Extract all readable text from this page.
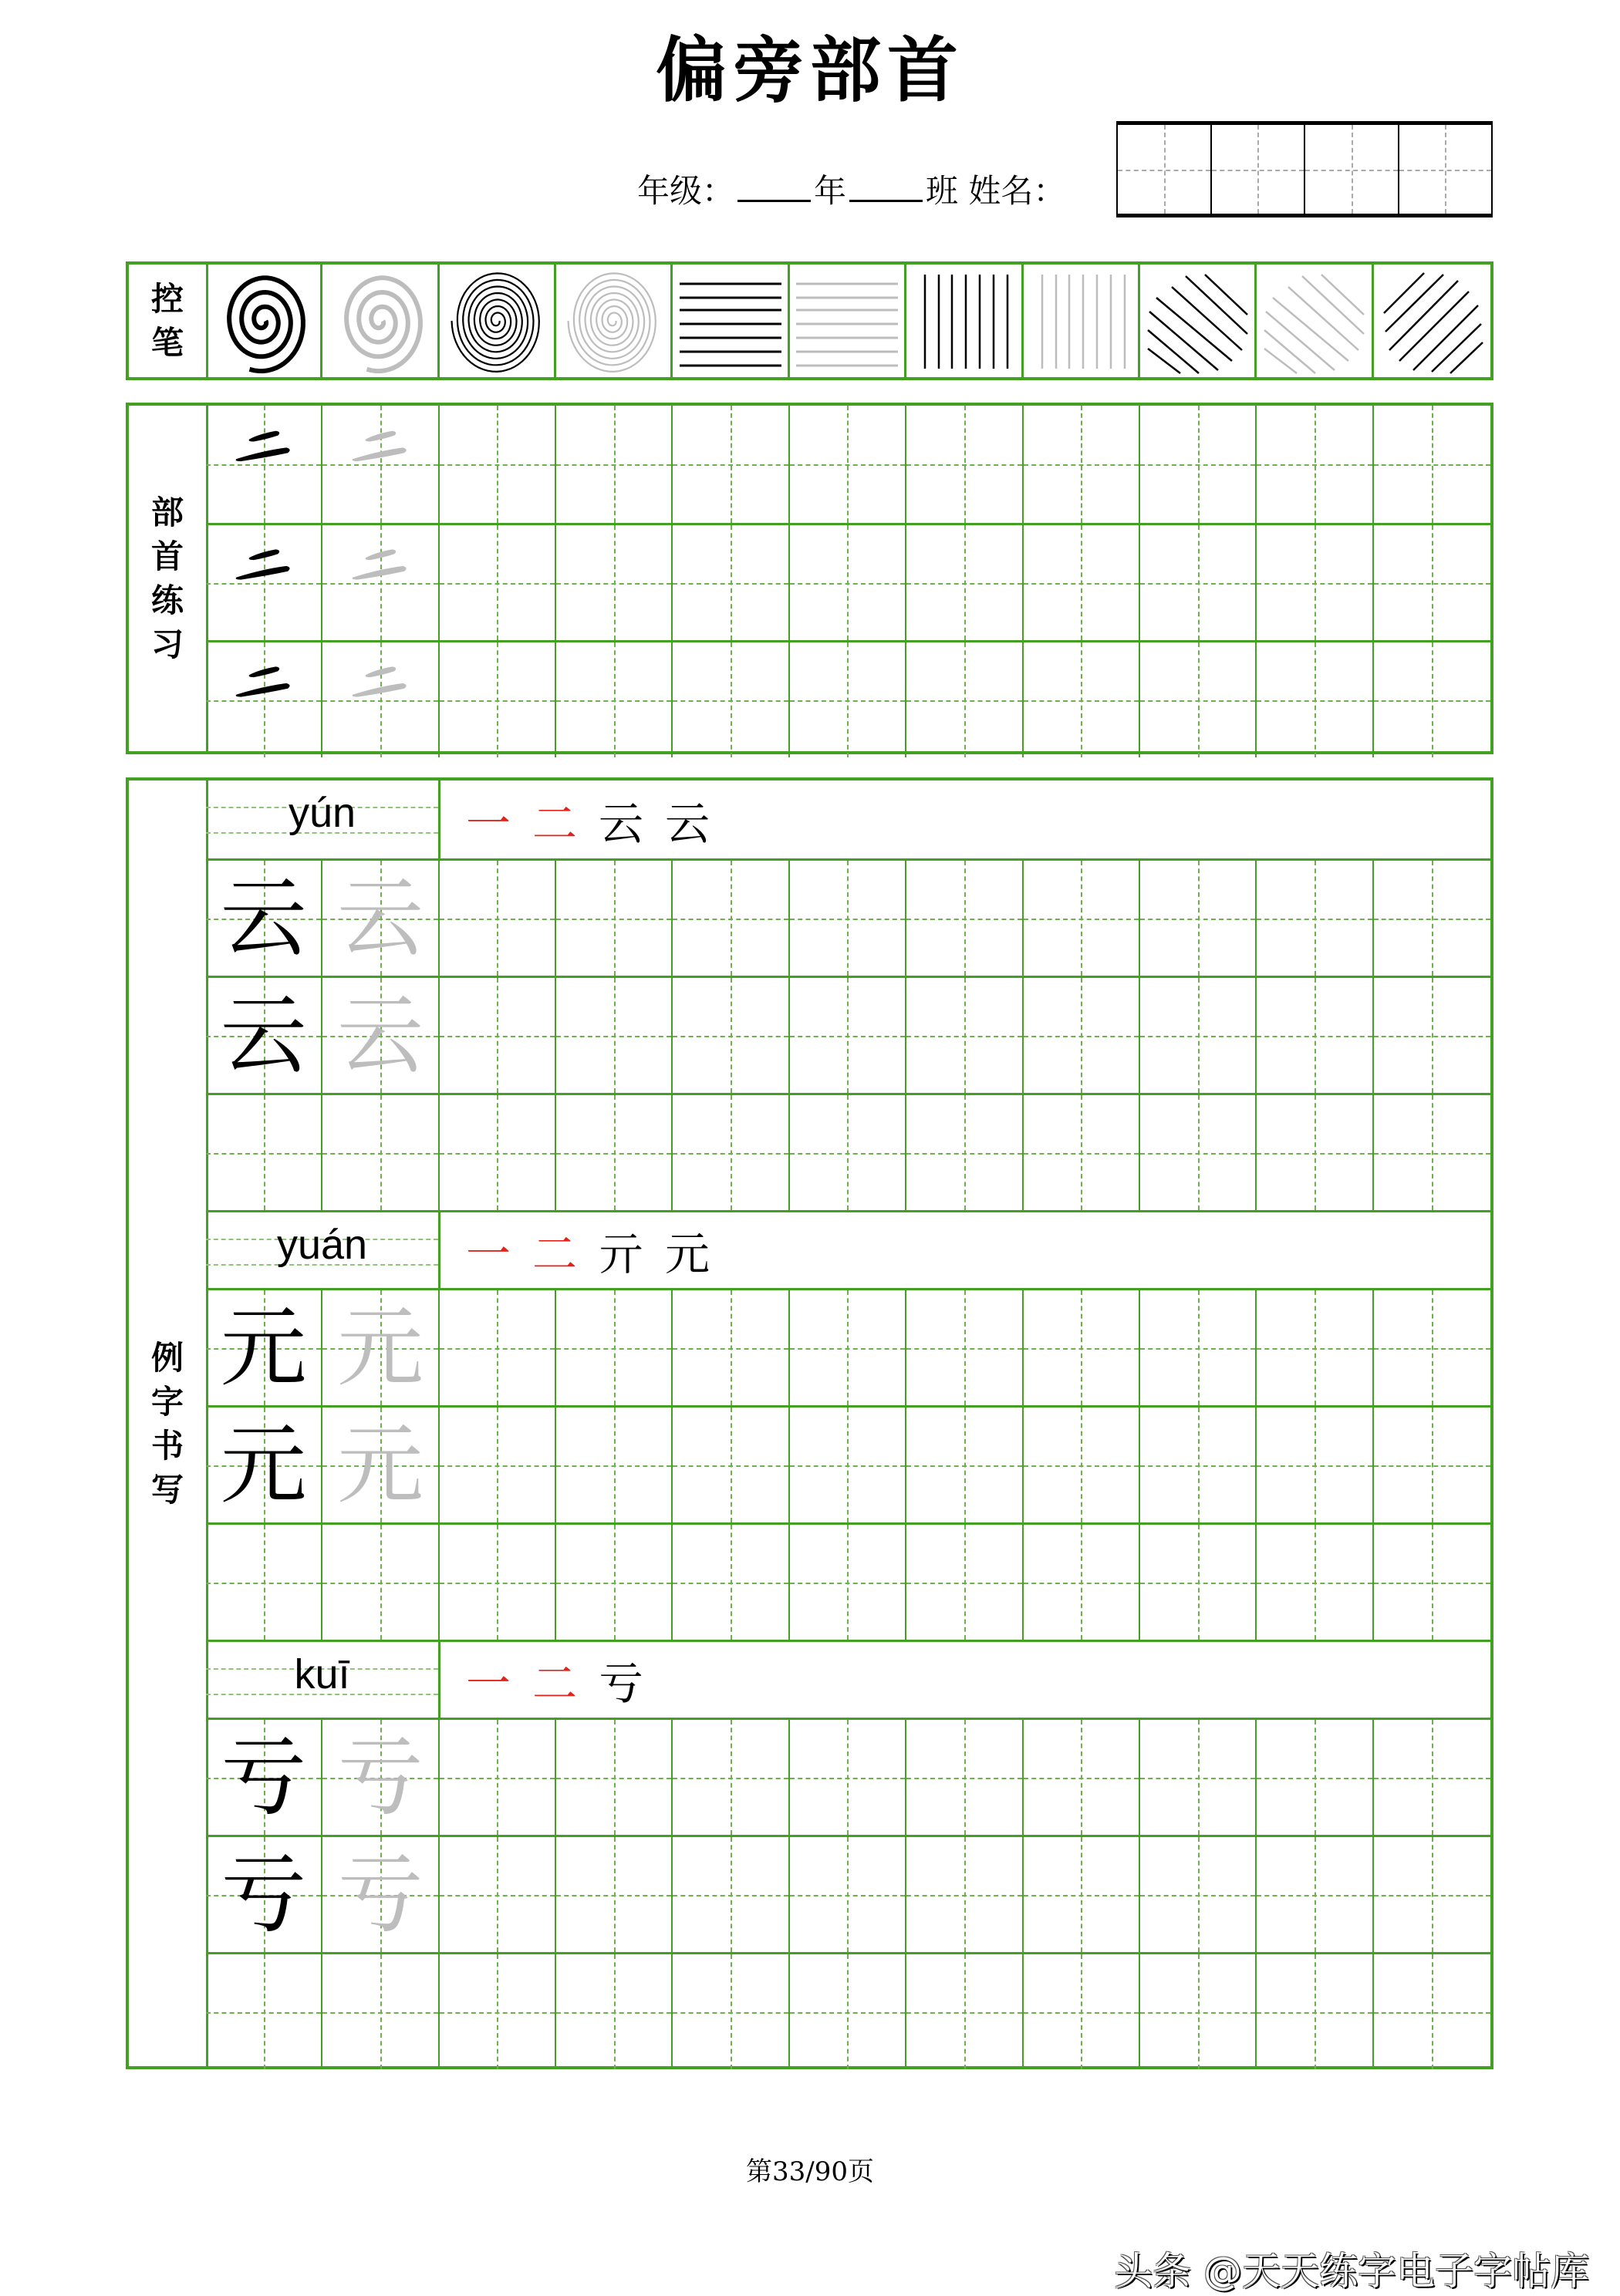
偏旁部首
年级： 年 班 姓名：
控
笔
部
首
练
习
例
字
书
写
yún	一 二 云 云
云 云
云 云
yuán	一 二 亓 元
元 元
元 元
kuī	一 二 亏
亏 亏
亏 亏
第33/90页
头条 @天天练字电子字帖库
